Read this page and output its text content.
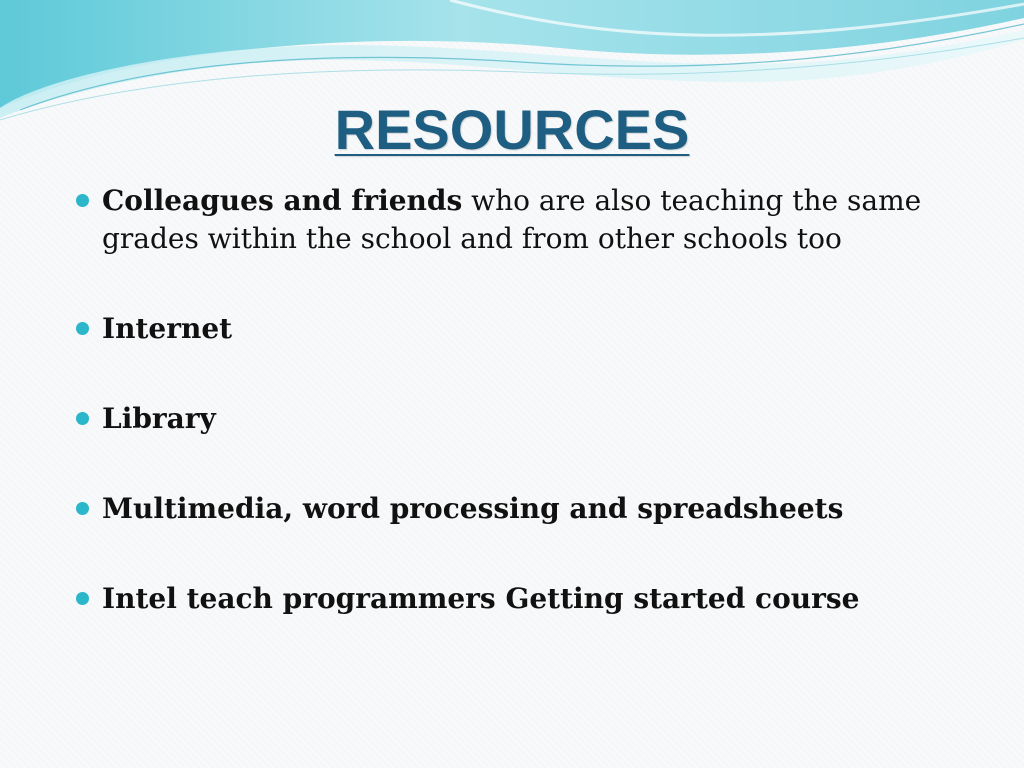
RESOURCES
Colleagues and friends who are also teaching the same grades within the school and from other schools too
Internet
Library
Multimedia, word processing and spreadsheets
Intel teach programmers Getting started course
